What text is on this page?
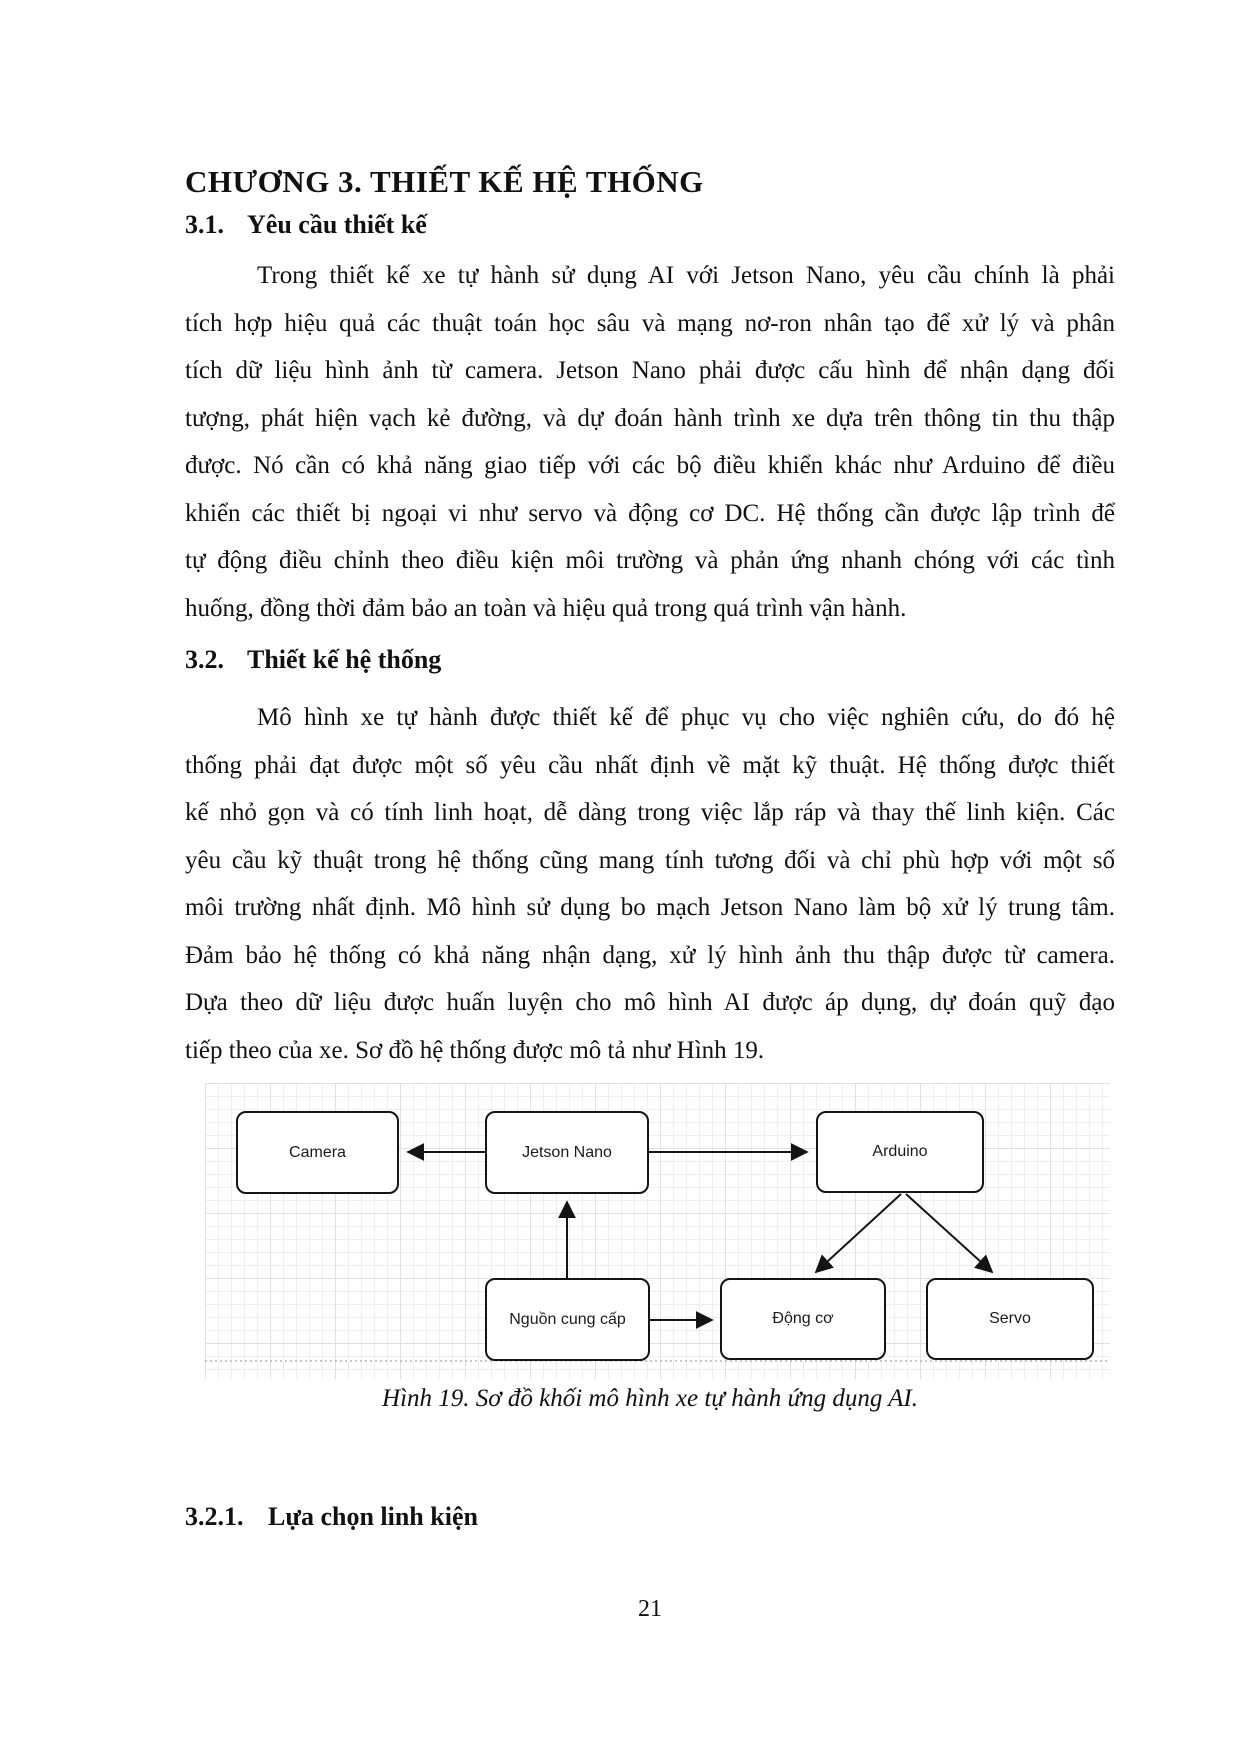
CHƯƠNG 3. THIẾT KẾ HỆ THỐNG
3.1. Yêu cầu thiết kế
Trong thiết kế xe tự hành sử dụng AI với Jetson Nano, yêu cầu chính là phải
tích hợp hiệu quả các thuật toán học sâu và mạng nơ-ron nhân tạo để xử lý và phân
tích dữ liệu hình ảnh từ camera. Jetson Nano phải được cấu hình để nhận dạng đối
tượng, phát hiện vạch kẻ đường, và dự đoán hành trình xe dựa trên thông tin thu thập
được. Nó cần có khả năng giao tiếp với các bộ điều khiển khác như Arduino để điều
khiển các thiết bị ngoại vi như servo và động cơ DC. Hệ thống cần được lập trình để
tự động điều chỉnh theo điều kiện môi trường và phản ứng nhanh chóng với các tình
huống, đồng thời đảm bảo an toàn và hiệu quả trong quá trình vận hành.
3.2. Thiết kế hệ thống
Mô hình xe tự hành được thiết kế để phục vụ cho việc nghiên cứu, do đó hệ
thống phải đạt được một số yêu cầu nhất định về mặt kỹ thuật. Hệ thống được thiết
kế nhỏ gọn và có tính linh hoạt, dễ dàng trong việc lắp ráp và thay thế linh kiện. Các
yêu cầu kỹ thuật trong hệ thống cũng mang tính tương đối và chỉ phù hợp với một số
môi trường nhất định. Mô hình sử dụng bo mạch Jetson Nano làm bộ xử lý trung tâm.
Đảm bảo hệ thống có khả năng nhận dạng, xử lý hình ảnh thu thập được từ camera.
Dựa theo dữ liệu được huấn luyện cho mô hình AI được áp dụng, dự đoán quỹ đạo
tiếp theo của xe. Sơ đồ hệ thống được mô tả như Hình 19.
Camera	Jetson Nano	Arduino
Nguồn cung cấp	Động cơ	Servo
Hình 19. Sơ đồ khối mô hình xe tự hành ứng dụng AI.
3.2.1. Lựa chọn linh kiện
21
